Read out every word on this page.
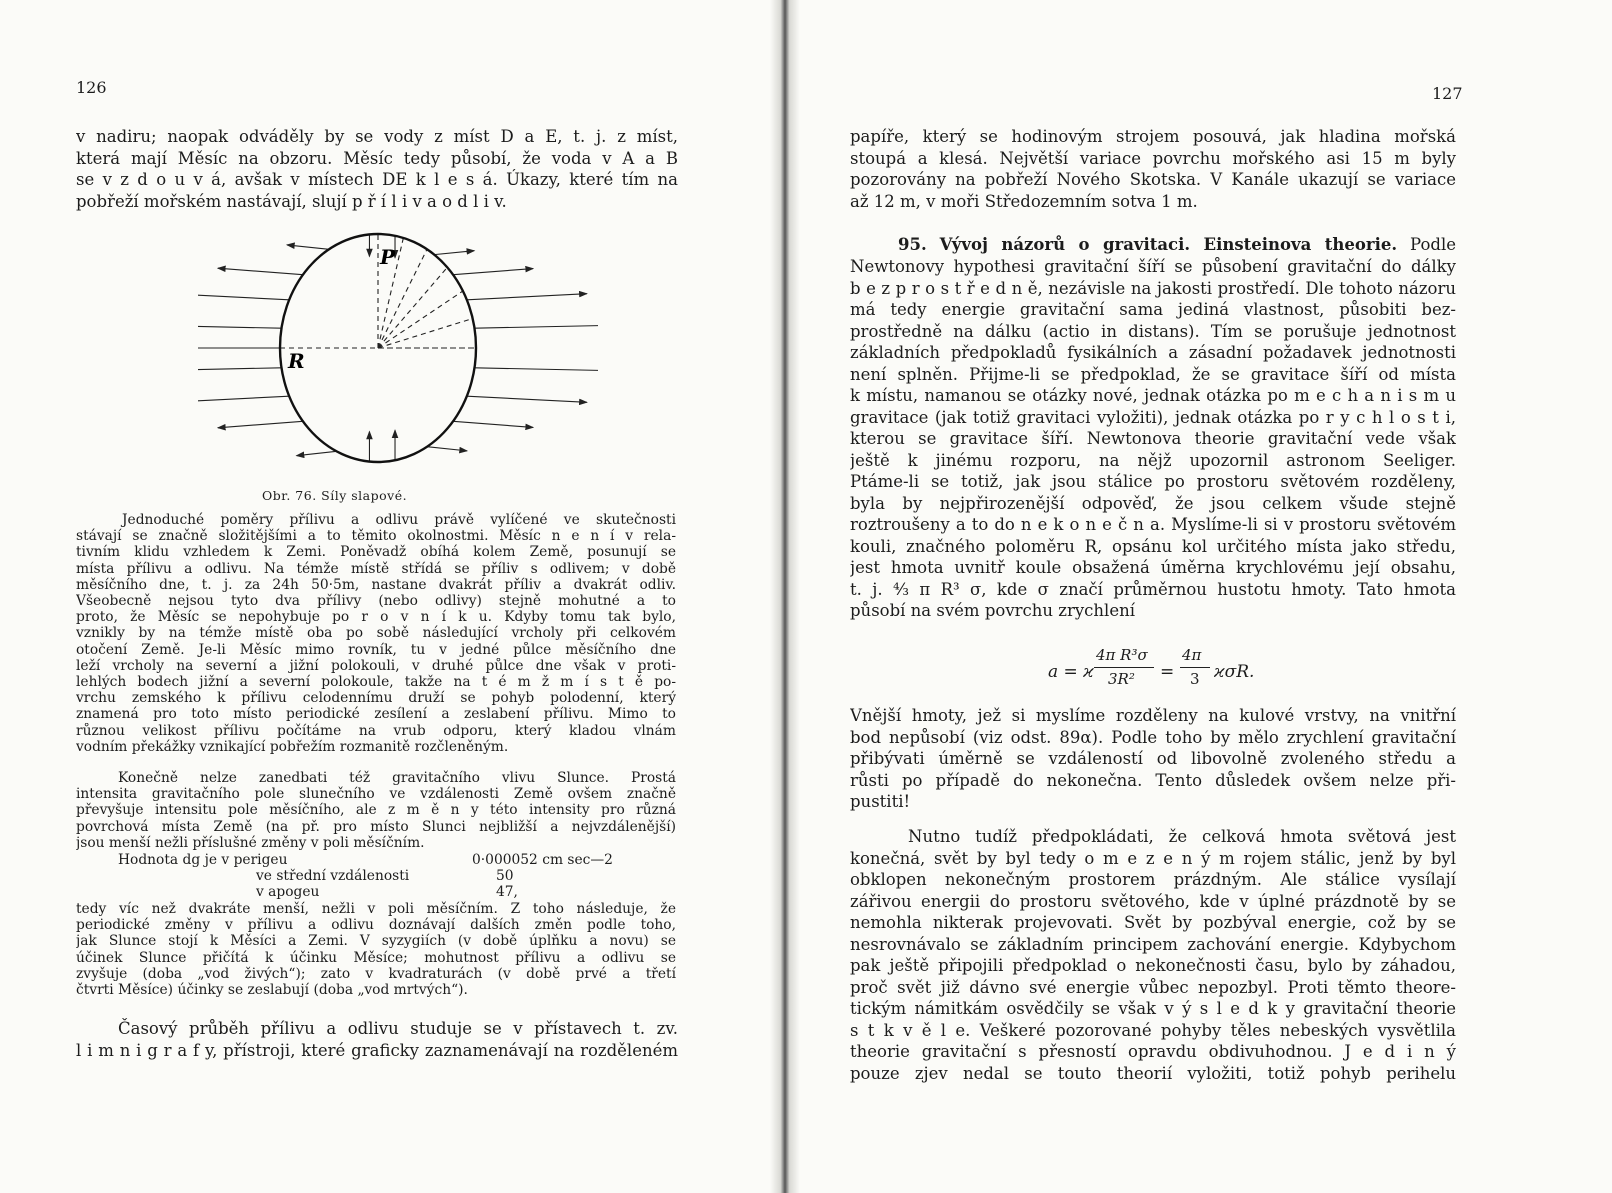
126
v nadiru; naopak odváděly by se vody z míst D a E, t. j. z míst,
která mají Měsíc na obzoru. Měsíc tedy působí, že voda v A a B
se v z d o u v á, avšak v místech DE k l e s á. Úkazy, které tím na
pobřeží mořském nastávají, slují p ř í l i v a o d l i v.
P
R
Obr. 76. Síly slapové.
Jednoduché poměry přílivu a odlivu právě vylíčené ve skutečnosti
stávají se značně složitějšími a to těmito okolnostmi. Měsíc n e n í v rela-
tivním klidu vzhledem k Zemi. Poněvadž obíhá kolem Země, posunují se
místa přílivu a odlivu. Na témže místě střídá se příliv s odlivem; v době
měsíčního dne, t. j. za 24h 50·5m, nastane dvakrát příliv a dvakrát odliv.
Všeobecně nejsou tyto dva přílivy (nebo odlivy) stejně mohutné a to
proto, že Měsíc se nepohybuje po r o v n í k u. Kdyby tomu tak bylo,
vznikly by na témže místě oba po sobě následující vrcholy při celkovém
otočení Země. Je-li Měsíc mimo rovník, tu v jedné půlce měsíčního dne
leží vrcholy na severní a jižní polokouli, v druhé půlce dne však v proti-
lehlých bodech jižní a severní polokoule, takže na t é m ž m í s t ě po-
vrchu zemského k přílivu celodennímu druží se pohyb polodenní, který
znamená pro toto místo periodické zesílení a zeslabení přílivu. Mimo to
různou velikost přílivu počítáme na vrub odporu, který kladou vlnám
vodním překážky vznikající pobřežím rozmanitě rozčleněným.
Konečně nelze zanedbati též gravitačního vlivu Slunce. Prostá
intensita gravitačního pole slunečního ve vzdálenosti Země ovšem značně
převyšuje intensitu pole měsíčního, ale z m ě n y této intensity pro různá
povrchová místa Země (na př. pro místo Slunci nejbližší a nejvzdálenější)
jsou menší nežli příslušné změny v poli měsíčním.
Hodnota dg je v perigeu	0·000052 cm sec—2
ve střední vzdálenosti	50
v apogeu	47,
tedy víc než dvakráte menší, nežli v poli měsíčním. Z toho následuje, že
periodické změny v přílivu a odlivu doznávají dalších změn podle toho,
jak Slunce stojí k Měsíci a Zemi. V syzygiích (v době úplňku a novu) se
účinek Slunce přičítá k účinku Měsíce; mohutnost přílivu a odlivu se
zvyšuje (doba „vod živých“); zato v kvadraturách (v době prvé a třetí
čtvrti Měsíce) účinky se zeslabují (doba „vod mrtvých“).
Časový průběh přílivu a odlivu studuje se v přístavech t. zv.
l i m n i g r a f y, přístroji, které graficky zaznamenávají na rozděleném
127
papíře, který se hodinovým strojem posouvá, jak hladina mořská
stoupá a klesá. Největší variace povrchu mořského asi 15 m byly
pozorovány na pobřeží Nového Skotska. V Kanále ukazují se variace
až 12 m, v moři Středozemním sotva 1 m.
95. Vývoj názorů o gravitaci. Einsteinova theorie. Podle
Newtonovy hypothesi gravitační šíří se působení gravitační do dálky
b e z p r o s t ř e d n ě, nezávisle na jakosti prostředí. Dle tohoto názoru
má tedy energie gravitační sama jediná vlastnost, působiti bez-
prostředně na dálku (actio in distans). Tím se porušuje jednotnost
základních předpokladů fysikálních a zásadní požadavek jednotnosti
není splněn. Přijme-li se předpoklad, že se gravitace šíří od místa
k místu, namanou se otázky nové, jednak otázka po m e c h a n i s m u
gravitace (jak totiž gravitaci vyložiti), jednak otázka po r y c h l o s t i,
kterou se gravitace šíří. Newtonova theorie gravitační vede však
ještě k jinému rozporu, na nějž upozornil astronom Seeliger.
Ptáme-li se totiž, jak jsou stálice po prostoru světovém rozděleny,
byla by nejpřirozenější odpověď, že jsou celkem všude stejně
roztroušeny a to do n e k o n e č n a. Myslíme-li si v prostoru světovém
kouli, značného poloměru R, opsánu kol určitého místa jako středu,
jest hmota uvnitř koule obsažená úměrna krychlovému její obsahu,
t. j. ⁴⁄₃ π R³ σ, kde σ značí průměrnou hustotu hmoty. Tato hmota
působí na svém povrchu zrychlení
a = ϰ
4π R³σ
3R² =
4π
3 ϰσR.
Vnější hmoty, jež si myslíme rozděleny na kulové vrstvy, na vnitřní
bod nepůsobí (viz odst. 89α). Podle toho by mělo zrychlení gravitační
přibývati úměrně se vzdáleností od libovolně zvoleného středu a
růsti po případě do nekonečna. Tento důsledek ovšem nelze při-
pustiti!
Nutno tudíž předpokládati, že celková hmota světová jest
konečná, svět by byl tedy o m e z e n ý m rojem stálic, jenž by byl
obklopen nekonečným prostorem prázdným. Ale stálice vysílají
zářivou energii do prostoru světového, kde v úplné prázdnotě by se
nemohla nikterak projevovati. Svět by pozbýval energie, což by se
nesrovnávalo se základním principem zachování energie. Kdybychom
pak ještě připojili předpoklad o nekonečnosti času, bylo by záhadou,
proč svět již dávno své energie vůbec nepozbyl. Proti těmto theore-
tickým námitkám osvědčily se však v ý s l e d k y gravitační theorie
s t k v ě l e. Veškeré pozorované pohyby těles nebeských vysvětlila
theorie gravitační s přesností opravdu obdivuhodnou. J e d i n ý
pouze zjev nedal se touto theorií vyložiti, totiž pohyb perihelu
